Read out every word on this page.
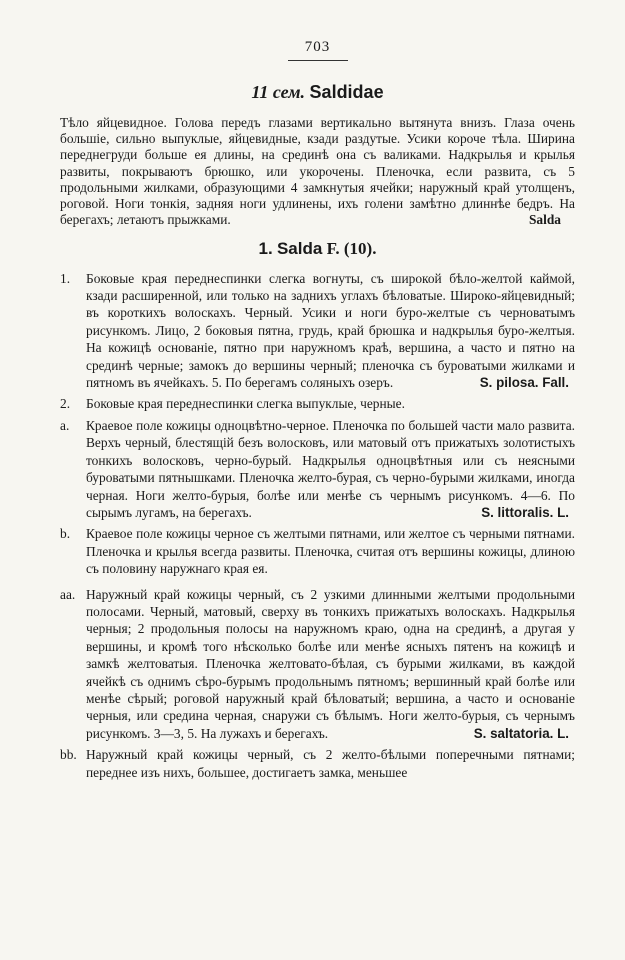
703

11 сем. Saldidae

Тѣло яйцевидное. Голова передъ глазами вертикально вытянута внизъ. Глаза очень большіе, сильно выпуклые, яйцевидные, кзади раздутые. Усики короче тѣла. Ширина переднегруди больше ея длины, на срединѣ она съ валиками. Надкрылья и крылья развиты, покрываютъ брюшко, или укорочены. Пленочка, если развита, съ 5 продольными жилками, образующими 4 замкнутыя ячейки; наружный край утолщенъ, роговой. Ноги тонкія, задняя ноги удлинены, ихъ голени замѣтно длиннѣе бедръ. На берегахъ; летаютъ прыжками.	Salda

1. Salda F. (10).
1.	Боковые края переднеспинки слегка вогнуты, съ широкой бѣло-желтой каймой, кзади расширенной, или только на заднихъ углахъ бѣловатые. Широко-яйцевидный; въ короткихъ волоскахъ. Черный. Усики и ноги буро-желтые съ черноватымъ рисункомъ. Лицо, 2 боковыя пятна, грудь, край брюшка и надкрылья буро-желтыя. На кожицѣ основаніе, пятно при наружномъ краѣ, вершина, а часто и пятно на срединѣ черные; замокъ до вершины черный; пленочка съ буроватыми жилками и пятномъ въ ячейкахъ. 5. По берегамъ соляныхъ озеръ.	S. pilosa. Fall.
2.	Боковые края переднеспинки слегка выпуклые, черные.
a.	Краевое поле кожицы одноцвѣтно-черное. Пленочка по большей части мало развита. Верхъ черный, блестящій безъ волосковъ, или матовый отъ прижатыхъ золотистыхъ тонкихъ волосковъ, черно-бурый. Надкрылья одноцвѣтныя или съ неясными буроватыми пятнышками. Пленочка желто-бурая, съ черно-бурыми жилками, иногда черная. Ноги желто-бурыя, болѣе или менѣе съ чернымъ рисункомъ. 4—6. По сырымъ лугамъ, на берегахъ.	S. littoralis. L.
b.	Краевое поле кожицы черное съ желтыми пятнами, или желтое съ черными пятнами. Пленочка и крылья всегда развиты. Пленочка, считая отъ вершины кожицы, длиною съ половину наружнаго края ея.
aa. Наружный край кожицы черный, съ 2 узкими длинными желтыми продольными полосами. Черный, матовый, сверху въ тонкихъ прижатыхъ волоскахъ. Надкрылья черныя; 2 продольныя полосы на наружномъ краю, одна на срединѣ, а другая у вершины, и кромѣ того нѣсколько болѣе или менѣе ясныхъ пятенъ на кожицѣ и замкѣ желтоватыя. Пленочка желтовато-бѣлая, съ бурыми жилками, въ каждой ячейкѣ съ однимъ сѣро-бурымъ продольнымъ пятномъ; вершинный край болѣе или менѣе сѣрый; роговой наружный край бѣловатый; вершина, а часто и основаніе черныя, или средина черная, снаружи съ бѣлымъ. Ноги желто-бурыя, съ чернымъ рисункомъ. 3—3, 5. На лужахъ и берегахъ.	S. saltatoria. L.
bb. Наружный край кожицы черный, съ 2 желто-бѣлыми поперечными пятнами; переднее изъ нихъ, большее, достигаетъ замка, меньшее
